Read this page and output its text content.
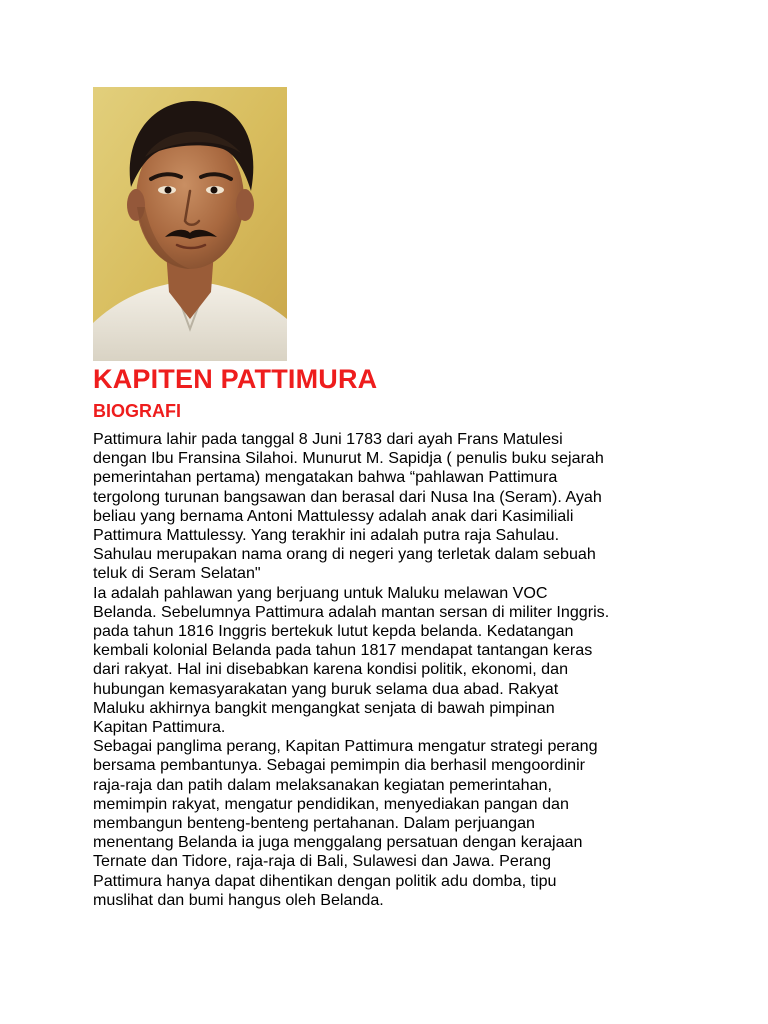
KAPITEN PATTIMURA
BIOGRAFI
Pattimura lahir pada tanggal 8 Juni 1783 dari ayah Frans Matulesi
dengan Ibu Fransina Silahoi. Munurut M. Sapidja ( penulis buku sejarah
pemerintahan pertama) mengatakan bahwa “pahlawan Pattimura
tergolong turunan bangsawan dan berasal dari Nusa Ina (Seram). Ayah
beliau yang bernama Antoni Mattulessy adalah anak dari Kasimiliali
Pattimura Mattulessy. Yang terakhir ini adalah putra raja Sahulau.
Sahulau merupakan nama orang di negeri yang terletak dalam sebuah
teluk di Seram Selatan"
Ia adalah pahlawan yang berjuang untuk Maluku melawan VOC
Belanda. Sebelumnya Pattimura adalah mantan sersan di militer Inggris.
pada tahun 1816 Inggris bertekuk lutut kepda belanda. Kedatangan
kembali kolonial Belanda pada tahun 1817 mendapat tantangan keras
dari rakyat. Hal ini disebabkan karena kondisi politik, ekonomi, dan
hubungan kemasyarakatan yang buruk selama dua abad. Rakyat
Maluku akhirnya bangkit mengangkat senjata di bawah pimpinan
Kapitan Pattimura.
Sebagai panglima perang, Kapitan Pattimura mengatur strategi perang
bersama pembantunya. Sebagai pemimpin dia berhasil mengoordinir
raja-raja dan patih dalam melaksanakan kegiatan pemerintahan,
memimpin rakyat, mengatur pendidikan, menyediakan pangan dan
membangun benteng-benteng pertahanan. Dalam perjuangan
menentang Belanda ia juga menggalang persatuan dengan kerajaan
Ternate dan Tidore, raja-raja di Bali, Sulawesi dan Jawa. Perang
Pattimura hanya dapat dihentikan dengan politik adu domba, tipu
muslihat dan bumi hangus oleh Belanda.
